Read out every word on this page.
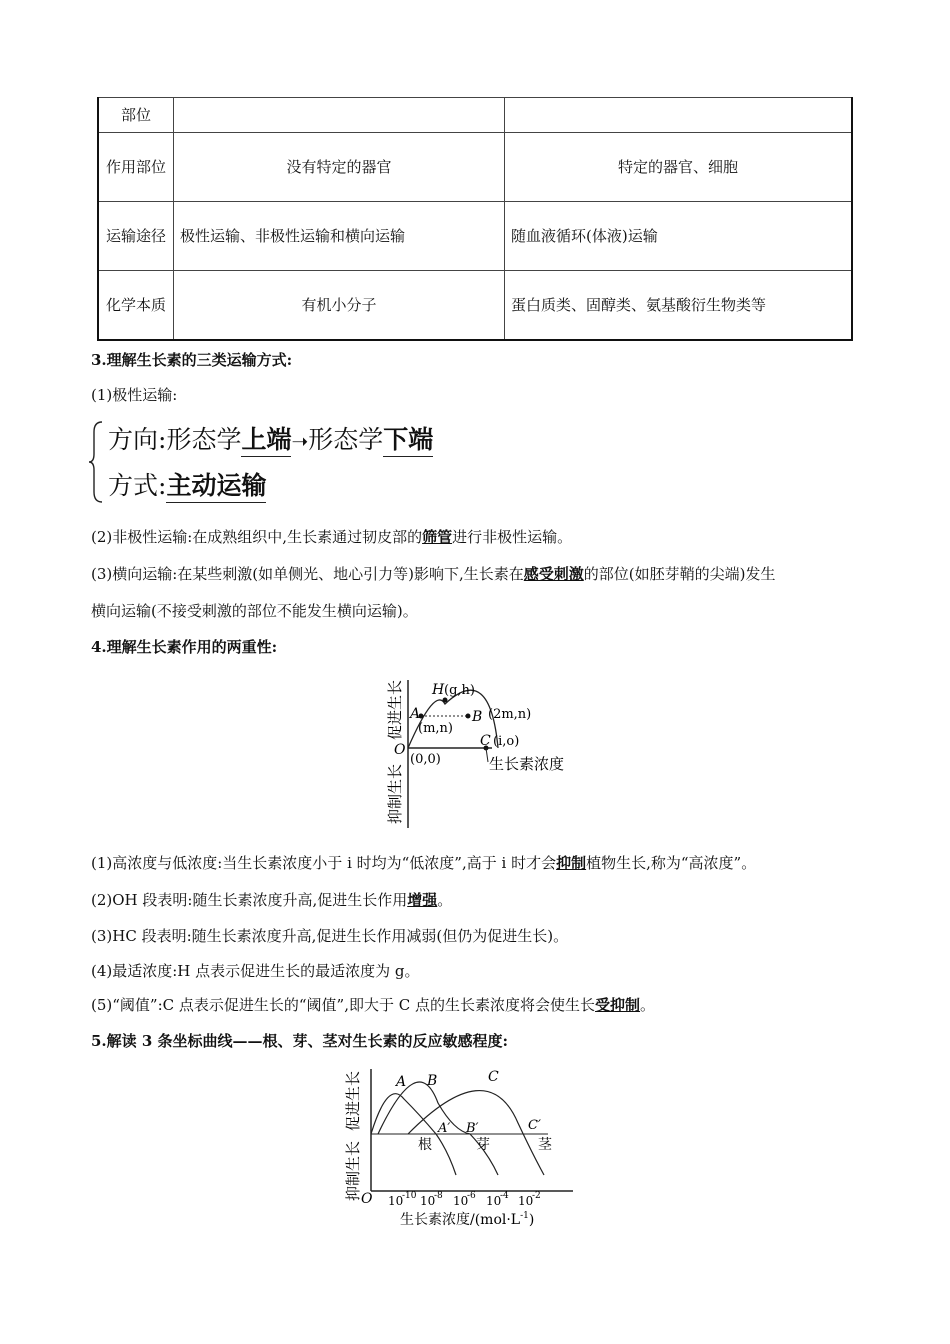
部位		
作用部位	没有特定的器官	特定的器官、细胞
运输途径	极性运输、非极性运输和横向运输	随血液循环(体液)运输
化学本质	有机小分子	蛋白质类、固醇类、氨基酸衍生物类等
3.理解生长素的三类运输方式:
(1)极性运输:
方向:形态学上端➝形态学下端
方式:主动运输
(2)非极性运输:在成熟组织中,生长素通过韧皮部的筛管进行非极性运输。
(3)横向运输:在某些刺激(如单侧光、地心引力等)影响下,生长素在感受刺激的部位(如胚芽鞘的尖端)发生
横向运输(不接受刺激的部位不能发生横向运输)。
4.理解生长素作用的两重性:
H (g,h)
A
(m,n)
B (2m,n)
C (i,o)
O
(0,0)	生长素浓度
促进生长
抑制生长
(1)高浓度与低浓度:当生长素浓度小于 i 时均为“低浓度”,高于 i 时才会抑制植物生长,称为“高浓度”。
(2)OH 段表明:随生长素浓度升高,促进生长作用增强。
(3)HC 段表明:随生长素浓度升高,促进生长作用减弱(但仍为促进生长)。
(4)最适浓度:H 点表示促进生长的最适浓度为 g。
(5)“阈值”:C 点表示促进生长的“阈值”,即大于 C 点的生长素浓度将会使生长受抑制。
5.解读 3 条坐标曲线——根、芽、茎对生长素的反应敏感程度:
A B	C
A′ B′	C′
根	芽	茎
O 10
-10 10
-8 10
-6 10
-4 10
-2
生长素浓度$/(mol\cdot L^{-1})$
促进生长
抑制生长
